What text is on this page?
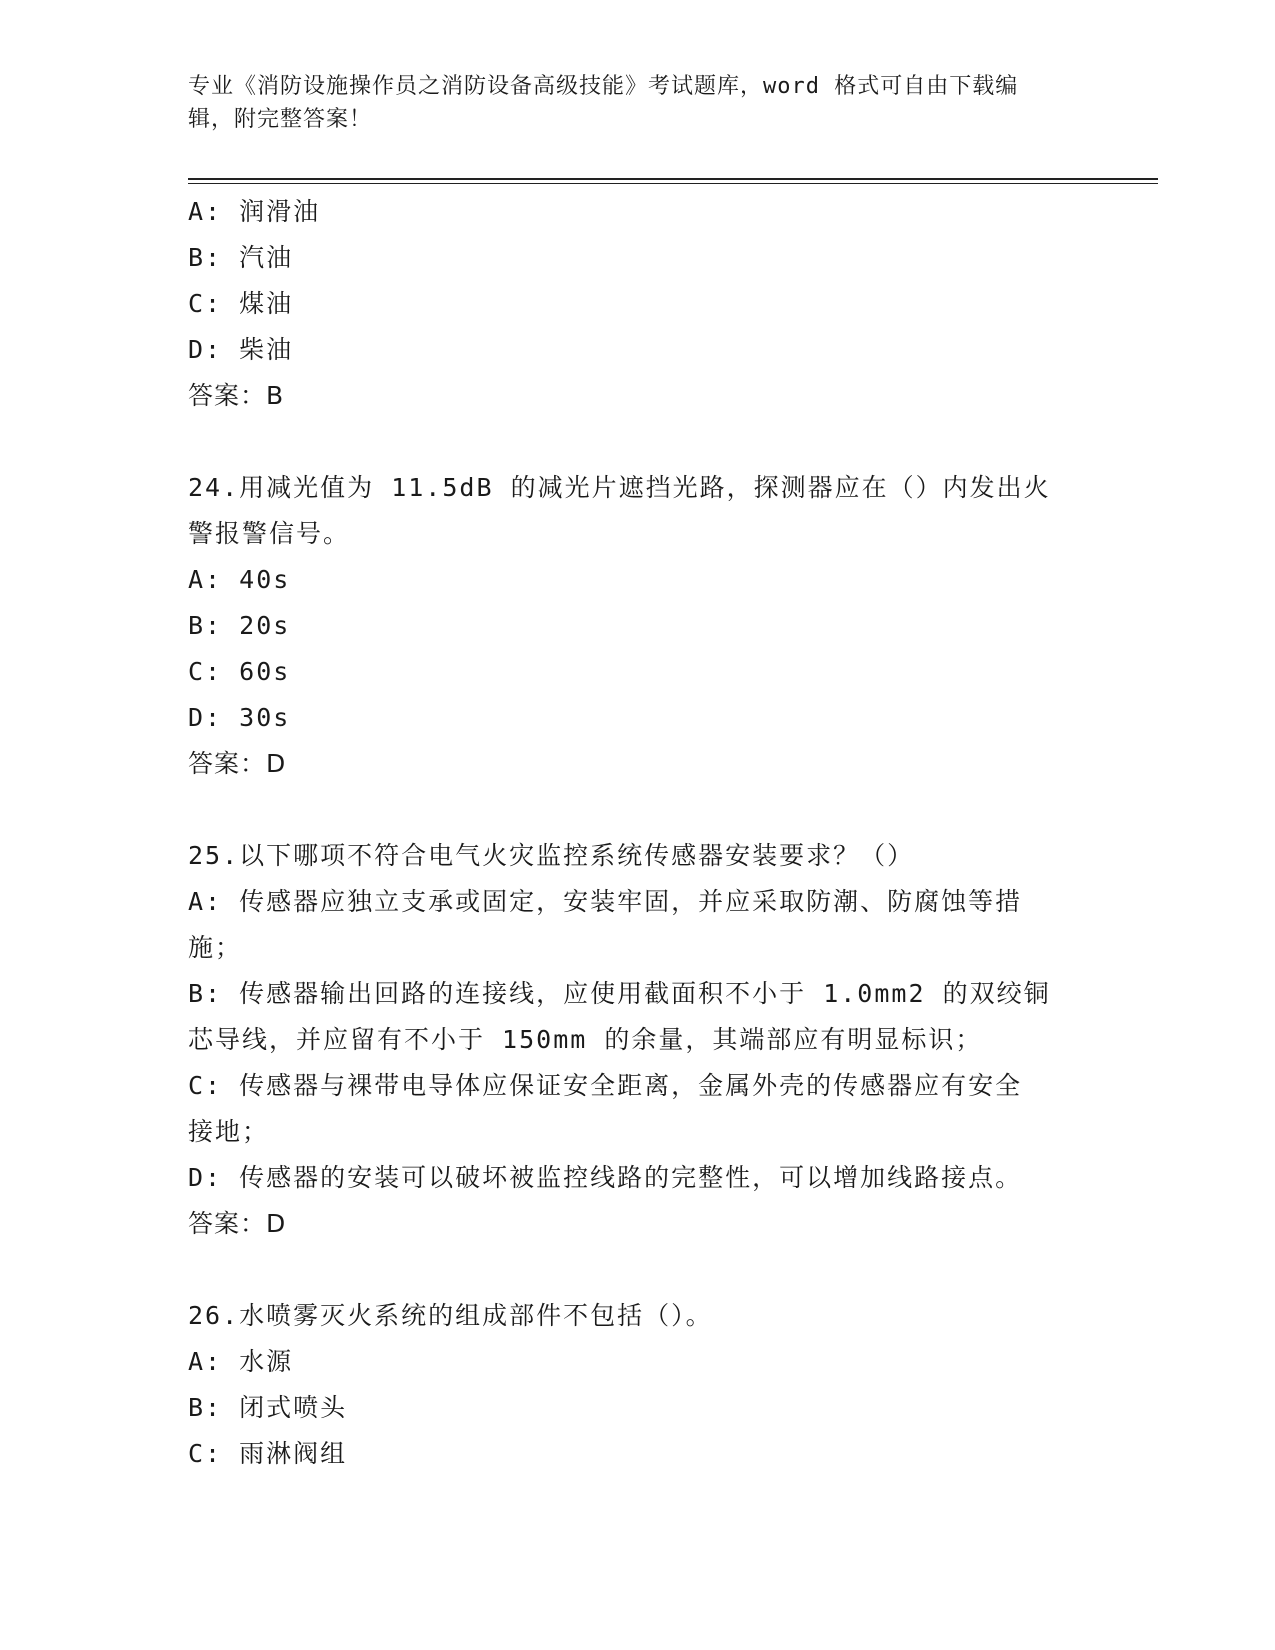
专业《消防设施操作员之消防设备高级技能》考试题库，word 格式可自由下载编
辑，附完整答案！
A: 润滑油
B: 汽油
C: 煤油
D: 柴油
答案：B
24.用减光值为 11.5dB 的减光片遮挡光路，探测器应在（）内发出火
警报警信号。
A: 40s
B: 20s
C: 60s
D: 30s
答案：D
25.以下哪项不符合电气火灾监控系统传感器安装要求？（）
A: 传感器应独立支承或固定，安装牢固，并应采取防潮、防腐蚀等措
施；
B: 传感器输出回路的连接线，应使用截面积不小于 1.0mm2 的双绞铜
芯导线，并应留有不小于 150mm 的余量，其端部应有明显标识；
C: 传感器与裸带电导体应保证安全距离，金属外壳的传感器应有安全
接地；
D: 传感器的安装可以破坏被监控线路的完整性，可以增加线路接点。
答案：D
26.水喷雾灭火系统的组成部件不包括（）。
A: 水源
B: 闭式喷头
C: 雨淋阀组
